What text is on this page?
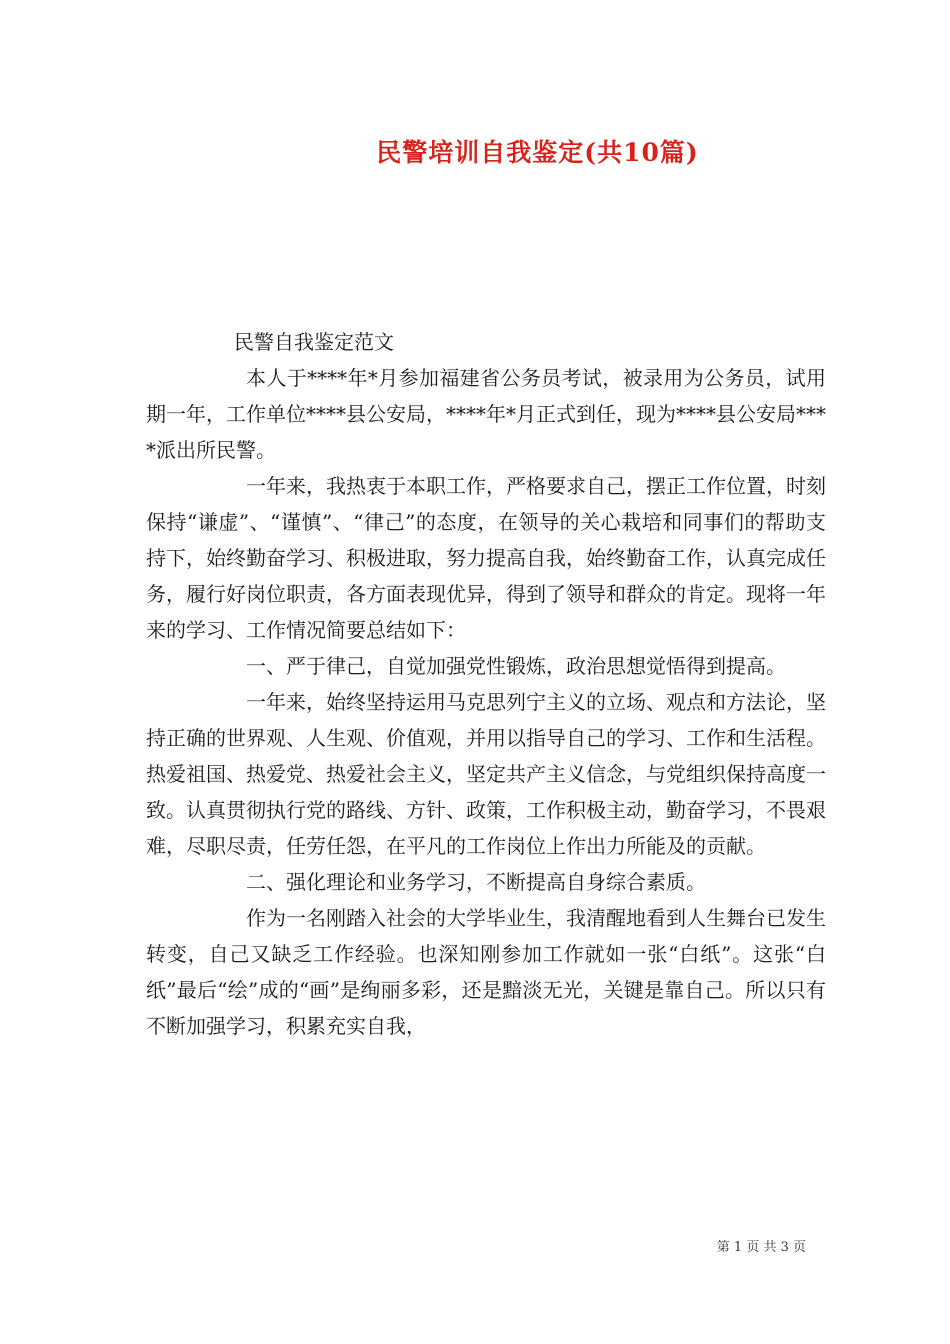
民警培训自我鉴定(共10篇)

民警自我鉴定范文

本人于****年*月参加福建省公务员考试，被录用为公务员，试用期一年，工作单位****县公安局，****年*月正式到任，现为****县公安局****派出所民警。

一年来，我热衷于本职工作，严格要求自己，摆正工作位置，时刻保持“谦虚”、“谨慎”、“律己”的态度，在领导的关心栽培和同事们的帮助支持下，始终勤奋学习、积极进取，努力提高自我，始终勤奋工作，认真完成任务，履行好岗位职责，各方面表现优异，得到了领导和群众的肯定。现将一年来的学习、工作情况简要总结如下：

一、严于律己，自觉加强党性锻炼，政治思想觉悟得到提高。

一年来，始终坚持运用马克思列宁主义的立场、观点和方法论，坚持正确的世界观、人生观、价值观，并用以指导自己的学习、工作和生活程。热爱祖国、热爱党、热爱社会主义，坚定共产主义信念，与党组织保持高度一致。认真贯彻执行党的路线、方针、政策，工作积极主动，勤奋学习，不畏艰难，尽职尽责，任劳任怨，在平凡的工作岗位上作出力所能及的贡献。

二、强化理论和业务学习，不断提高自身综合素质。

作为一名刚踏入社会的大学毕业生，我清醒地看到人生舞台已发生转变，自己又缺乏工作经验。也深知刚参加工作就如一张“白纸”。这张“白纸”最后“绘”成的“画”是绚丽多彩，还是黯淡无光，关键是靠自己。所以只有不断加强学习，积累充实自我，

第 1 页 共 3 页
